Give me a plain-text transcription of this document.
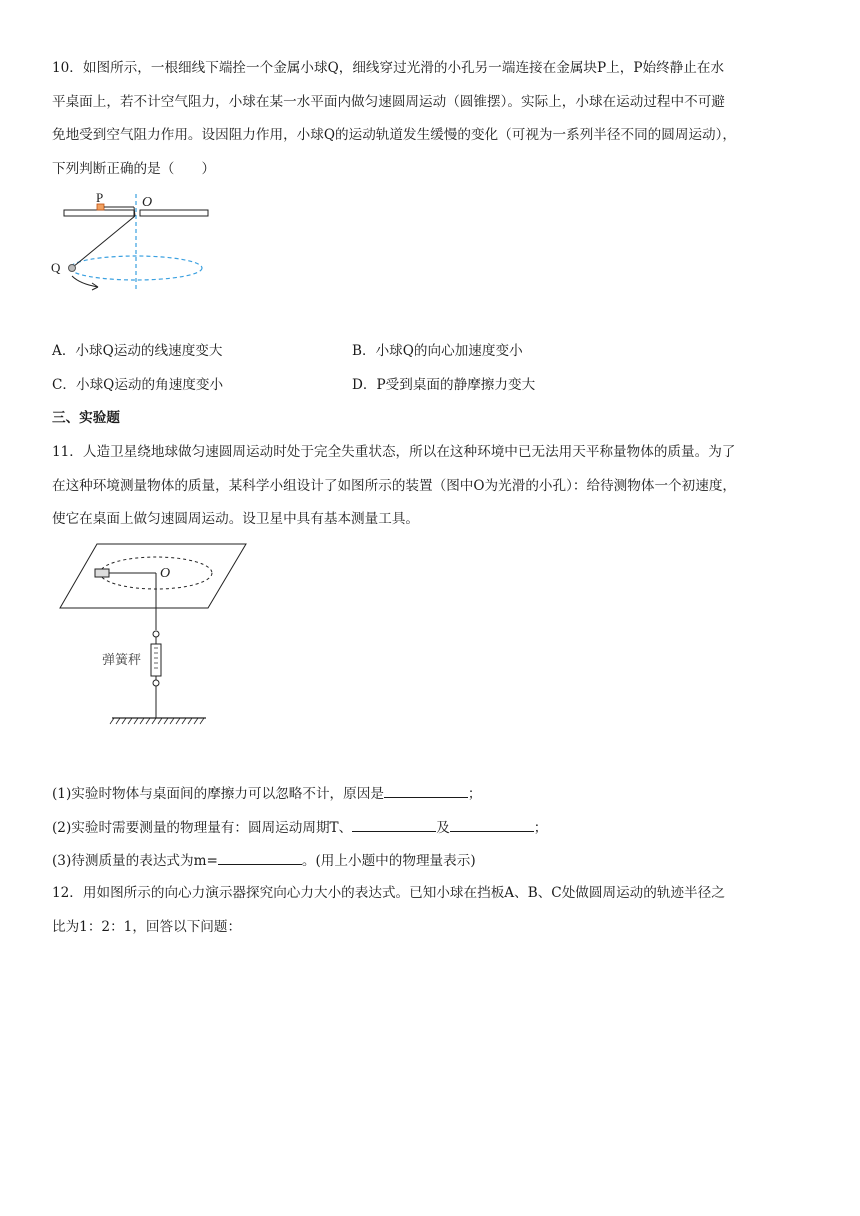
10．如图所示，一根细线下端拴一个金属小球Q，细线穿过光滑的小孔另一端连接在金属块P上，P始终静止在水
平桌面上，若不计空气阻力，小球在某一水平面内做匀速圆周运动（圆锥摆）。实际上，小球在运动过程中不可避
免地受到空气阻力作用。设因阻力作用，小球Q的运动轨道发生缓慢的变化（可视为一系列半径不同的圆周运动），
下列判断正确的是（　　）
P	O
Q
A．小球Q运动的线速度变大	B．小球Q的向心加速度变小
C．小球Q运动的角速度变小	D．P受到桌面的静摩擦力变大
三、实验题
11．人造卫星绕地球做匀速圆周运动时处于完全失重状态，所以在这种环境中已无法用天平称量物体的质量。为了
在这种环境测量物体的质量，某科学小组设计了如图所示的装置（图中O为光滑的小孔）：给待测物体一个初速度，
使它在桌面上做匀速圆周运动。设卫星中具有基本测量工具。
O
弹簧秤
(1)实验时物体与桌面间的摩擦力可以忽略不计，原因是	；
(2)实验时需要测量的物理量有：圆周运动周期T、	及	；
(3)待测质量的表达式为m=	。(用上小题中的物理量表示)
12．用如图所示的向心力演示器探究向心力大小的表达式。已知小球在挡板A、B、C处做圆周运动的轨迹半径之
比为1：2：1，回答以下问题：
